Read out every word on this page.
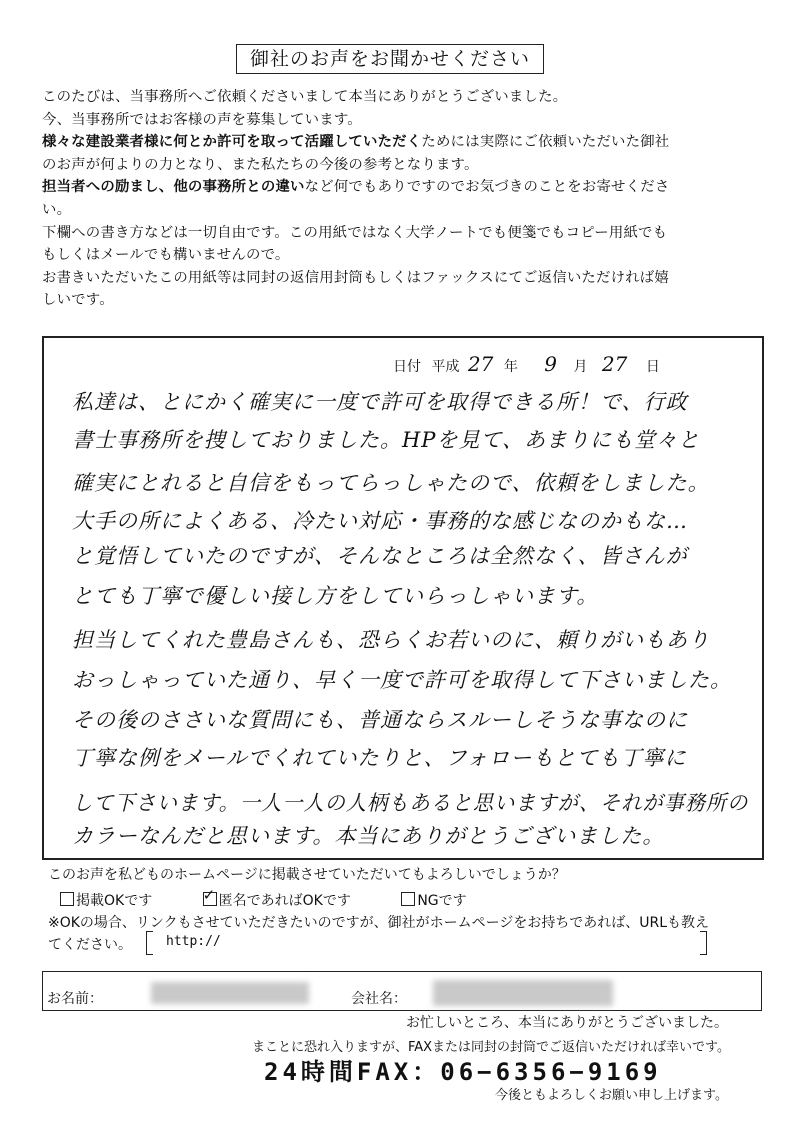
御社のお声をお聞かせください

このたびは、当事務所へご依頼くださいまして本当にありがとうございました。

今、当事務所ではお客様の声を募集しています。

様々な建設業者様に何とか許可を取って活躍していただくためには実際にご依頼いただいた御社

のお声が何よりの力となり、また私たちの今後の参考となります。

担当者への励まし、他の事務所との違いなど何でもありですのでお気づきのことをお寄せくださ

い。

下欄への書き方などは一切自由です。この用紙ではなく大学ノートでも便箋でもコピー用紙でも

もしくはメールでも構いませんので。

お書きいただいたこの用紙等は同封の返信用封筒もしくはファックスにてご返信いただければ嬉

しいです。

日付 平成 27 年 9 月 27 日
私達は、とにかく確実に一度で許可を取得できる所！で、行政
書士事務所を捜しておりました。HPを見て、あまりにも堂々と
確実にとれると自信をもってらっしゃたので、依頼をしました。
大手の所によくある、冷たい対応・事務的な感じなのかもな…
と覚悟していたのですが、そんなところは全然なく、皆さんが
とても丁寧で優しい接し方をしていらっしゃいます。
担当してくれた豊島さんも、恐らくお若いのに、頼りがいもあり
おっしゃっていた通り、早く一度で許可を取得して下さいました。
その後のささいな質問にも、普通ならスルーしそうな事なのに
丁寧な例をメールでくれていたりと、フォローもとても丁寧に
して下さいます。一人一人の人柄もあると思いますが、それが事務所の
カラーなんだと思います。本当にありがとうございました。
このお声を私どものホームページに掲載させていただいてもよろしいでしょうか？
掲載OKです ✓	匿名であればOKです	NGです
※OKの場合、リンクもさせていただきたいのですが、御社がホームページをお持ちであれば、URLも教え
てください。	http://
お名前：	会社名：
お忙しいところ、本当にありがとうございました。
まことに恐れ入りますが、FAXまたは同封の封筒でご返信いただければ幸いです。
24時間FAX：06−6356−9169
今後ともよろしくお願い申し上げます。
